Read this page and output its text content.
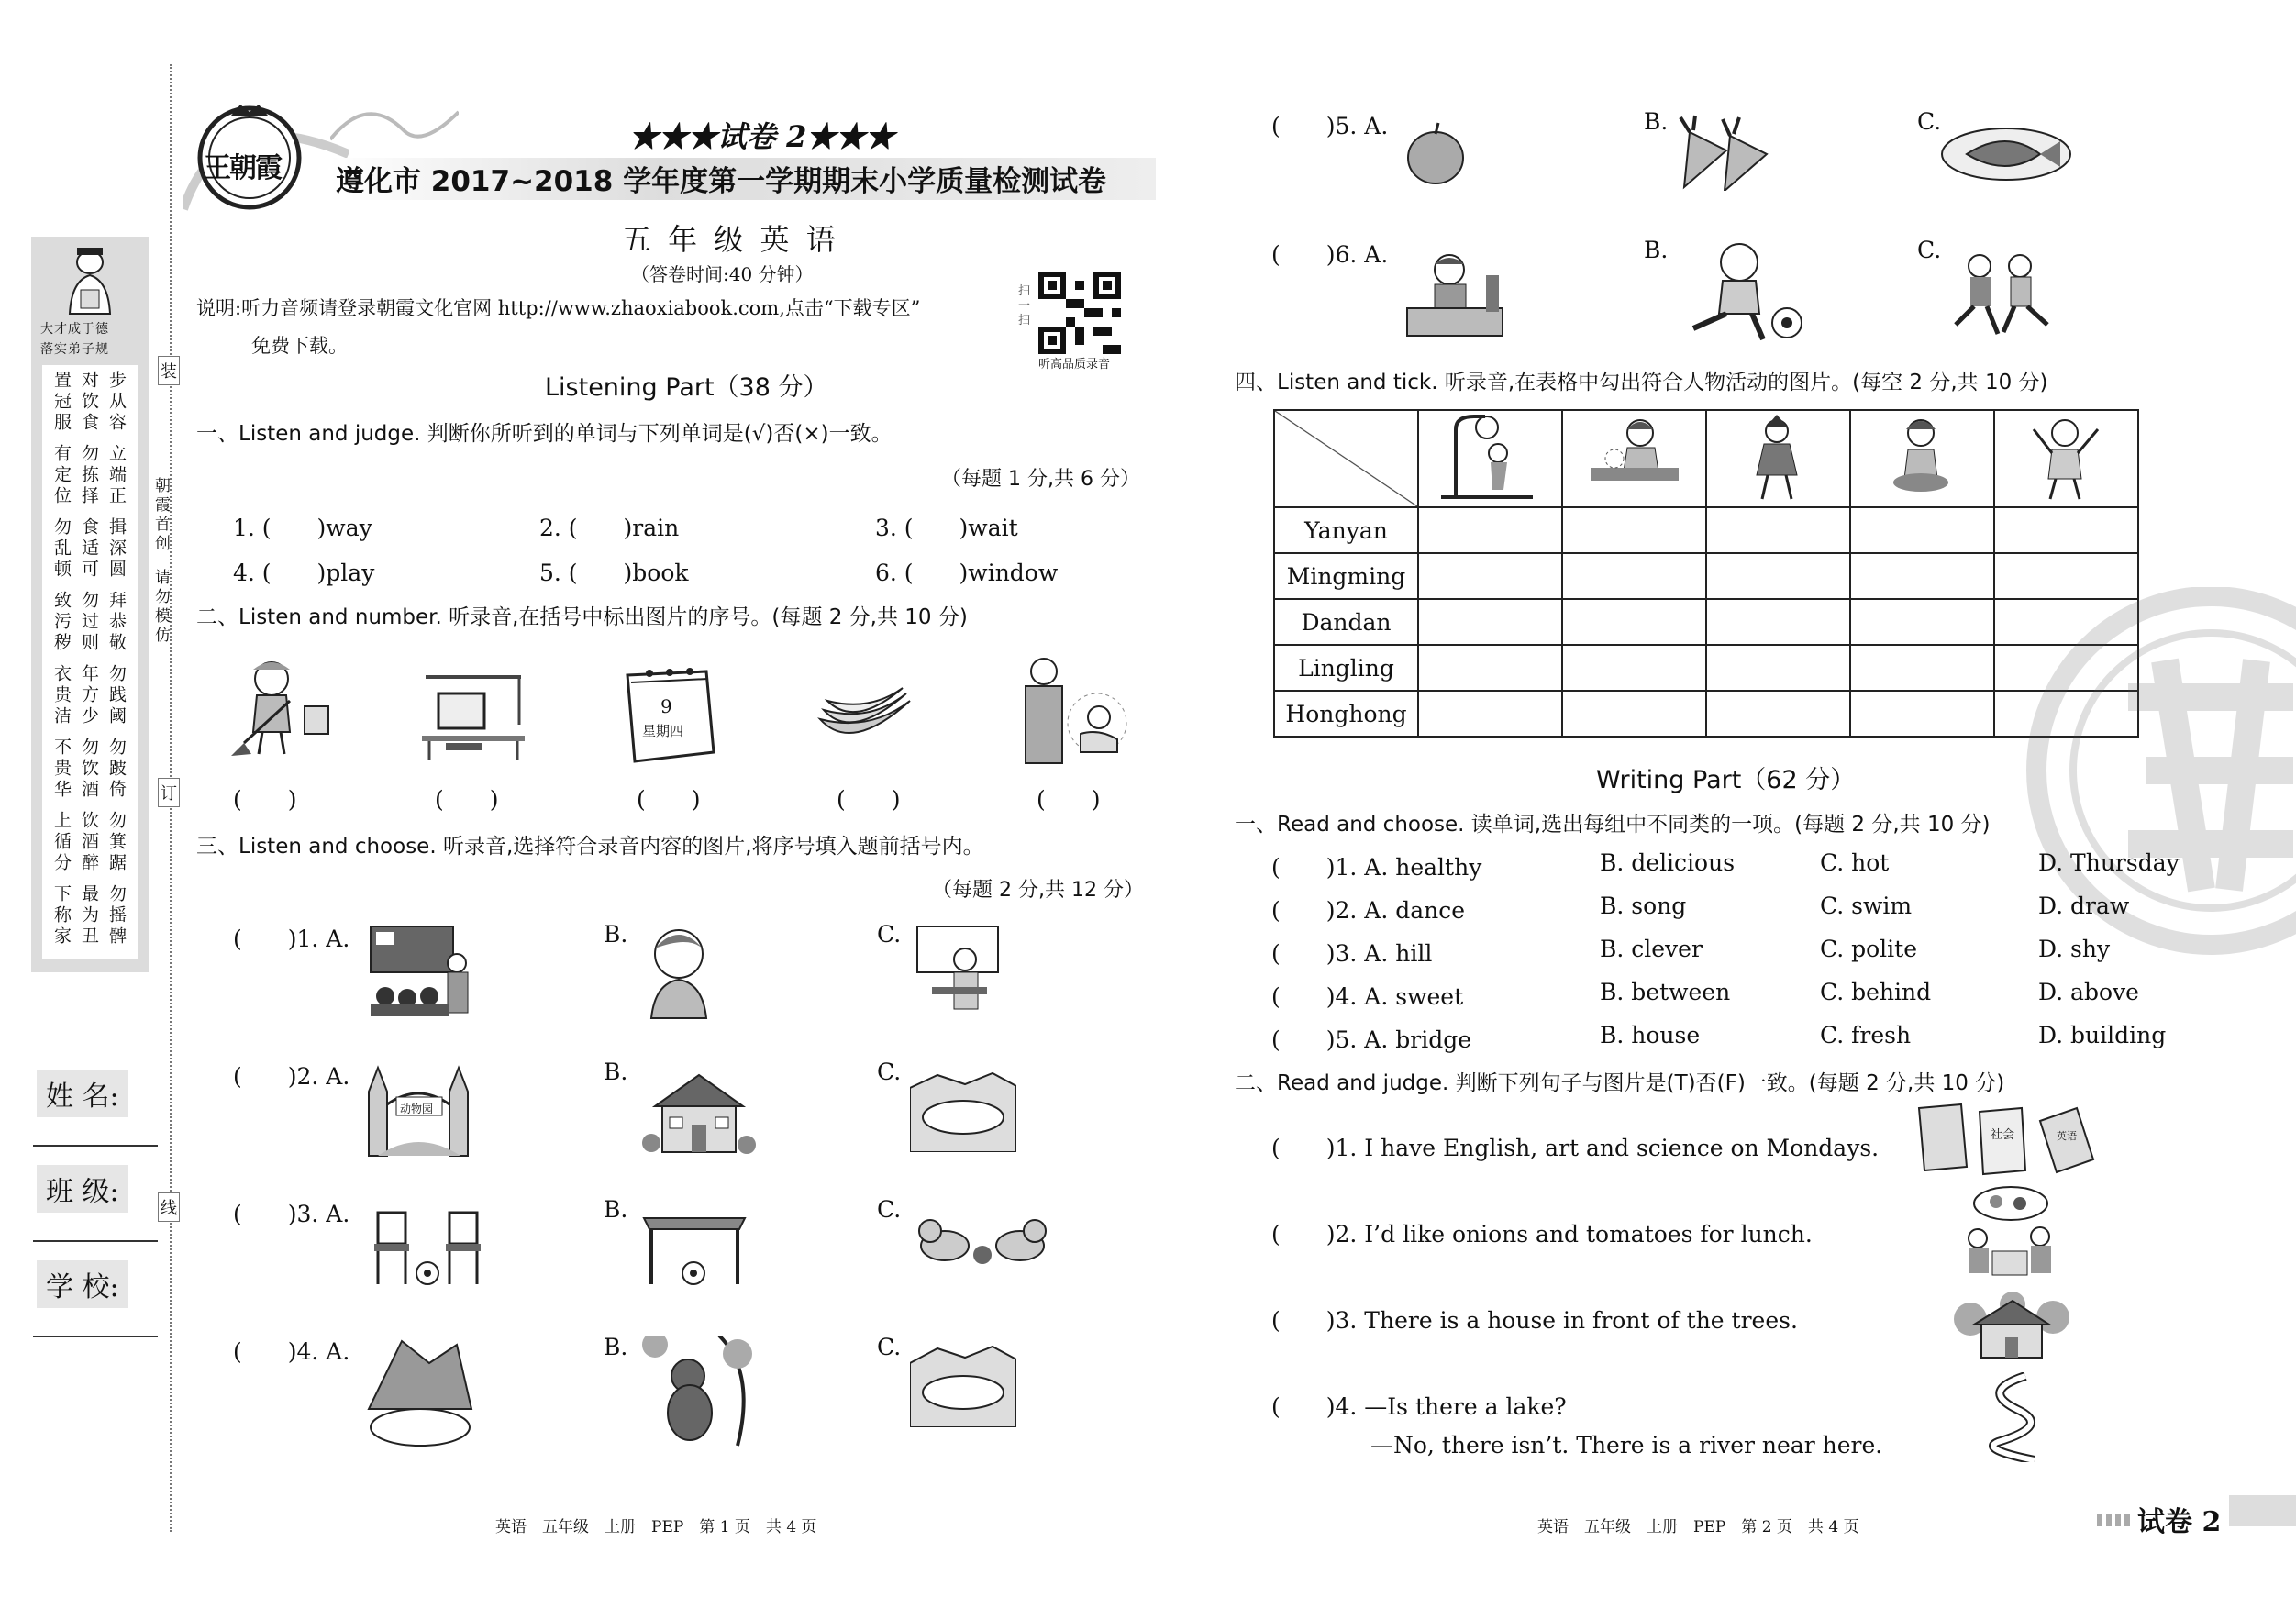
装
订
线
朝霞首创
请勿模仿
大才成于德
落实弟子规
步从容
对饮食
置冠服
立端正
勿拣择
有定位
揖深圆
食适可
勿乱顿
拜恭敬
勿过则
致污秽
勿践阈
年方少
衣贵洁
勿跛倚
勿饮酒
不贵华
勿箕踞
饮酒醉
上循分
勿摇髀
最为丑
下称家
姓 名:
班 级:
学 校:
王朝霞
★★★试卷 2★★★
遵化市 2017~2018 学年度第一学期期末小学质量检测试卷
五 年 级 英 语
（答卷时间:40 分钟）
说明:听力音频请登录朝霞文化官网 http://www.zhaoxiabook.com,点击“下载专区”
免费下载。
扫一扫
听高品质录音
Listening Part（38 分）
一、Listen and judge. 判断你所听到的单词与下列单词是(√)否(×)一致。
（每题 1 分,共 6 分）
1. (　　)way	2. (　　)rain	3. (　　)wait
4. (　　)play	5. (　　)book	6. (　　)window
二、Listen and number. 听录音,在括号中标出图片的序号。(每题 2 分,共 10 分)
9
星期四
(　　)	(　　)	(　　)	(　　)	(　　)
三、Listen and choose. 听录音,选择符合录音内容的图片,将序号填入题前括号内。
（每题 2 分,共 12 分）
(　　)1. A.	B.	C.
(　　)2. A.	B.	C.
动物园
(　　)3. A.	B.	C.
(　　)4. A.	B.	C.
(　　)5. A.	B.	C.
(　　)6. A.	B.	C.
四、Listen and tick. 听录音,在表格中勾出符合人物活动的图片。(每空 2 分,共 10 分)

Yanyan					
Mingming					
Dandan					
Lingling					
Honghong					
Writing Part（62 分）
一、Read and choose. 读单词,选出每组中不同类的一项。(每题 2 分,共 10 分)
(　　)1. A. healthy	B. delicious	C. hot	D. Thursday
(　　)2. A. dance	B. song	C. swim	D. draw
(　　)3. A. hill	B. clever	C. polite	D. shy
(　　)4. A. sweet	B. between	C. behind	D. above
(　　)5. A. bridge	B. house	C. fresh	D. building
二、Read and judge. 判断下列句子与图片是(T)否(F)一致。(每题 2 分,共 10 分)
(　　)1. I have English, art and science on Mondays.	社会	英语
(　　)2. I’d like onions and tomatoes for lunch.
(　　)3. There is a house in front of the trees.
(　　)4. —Is there a lake?
—No, there isn’t. There is a river near here.
英语　五年级　上册　PEP　第 1 页　共 4 页	英语　五年级　上册　PEP　第 2 页　共 4 页	试卷 2
